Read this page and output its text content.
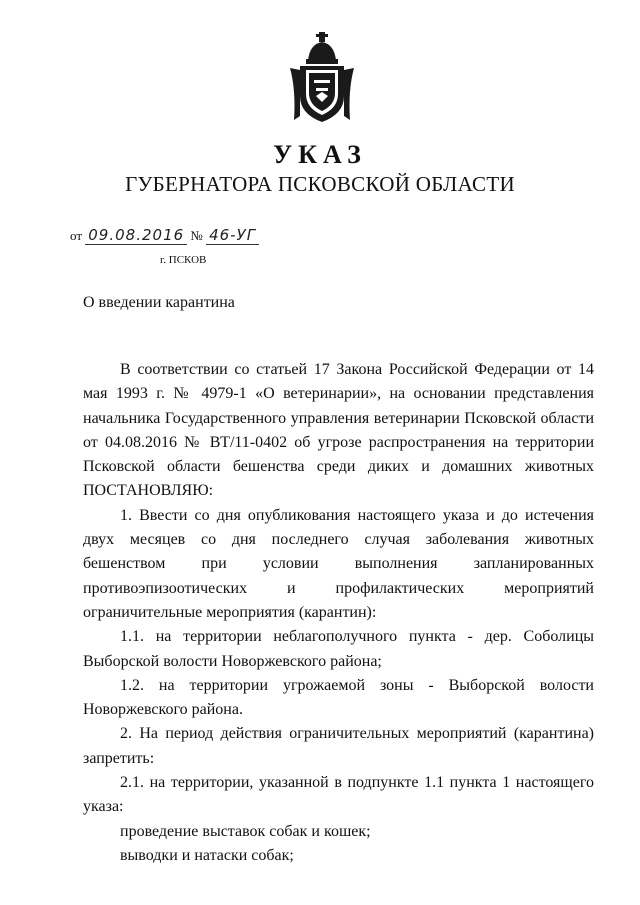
УКАЗ
ГУБЕРНАТОРА ПСКОВСКОЙ ОБЛАСТИ
от 09.08.2016 № 46-УГ
г. ПСКОВ
О введении карантина

В соответствии со статьей 17 Закона Российской Федерации от 14 мая 1993 г. № 4979-1 «О ветеринарии», на основании представления начальника Государственного управления ветеринарии Псковской области от 04.08.2016 № ВТ/11-0402 об угрозе распространения на территории Псковской области бешенства среди диких и домашних животных ПОСТАНОВЛЯЮ:

1. Ввести со дня опубликования настоящего указа и до истечения двух месяцев со дня последнего случая заболевания животных бешенством при условии выполнения запланированных противоэпизоотических и профилактических мероприятий ограничительные мероприятия (карантин):

1.1. на территории неблагополучного пункта - дер. Соболицы Выборской волости Новоржевского района;

1.2. на территории угрожаемой зоны - Выборской волости Новоржевского района.

2. На период действия ограничительных мероприятий (карантина) запретить:

2.1. на территории, указанной в подпункте 1.1 пункта 1 настоящего указа:

проведение выставок собак и кошек;

выводки и натаски собак;
